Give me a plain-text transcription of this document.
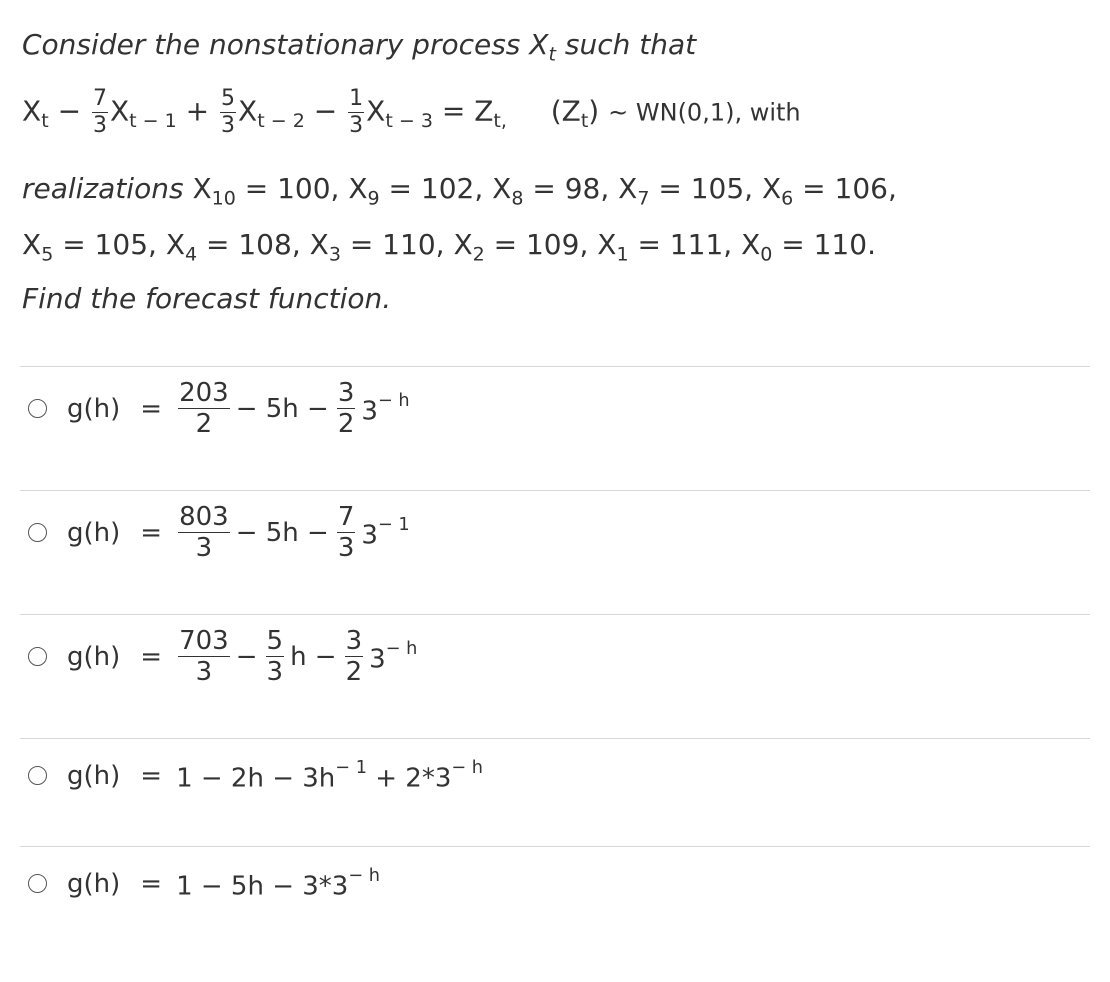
Consider the nonstationary process $X_t$ such that
$X_t - \frac{7}{3} X_{t - 1} + \frac{5}{3} X_{t - 2} - \frac{1}{3} X_{t - 3} = Z_{t,}$ $(Z_t)$ ~ WN(0,1), with
realizations $X_{10} = 100$, $X_9 = 102$, $X_8 = 98$, $X_7 = 105$, $X_6 = 106$,
$X_5 = 105$, $X_4 = 108$, $X_3 = 110$, $X_2 = 109$, $X_1 = 111$, $X_0 = 110$.
Find the forecast function.
$g(h) = \frac{203}{2} - 5h - \frac{3}{2} 3^{- h}$
$g(h) = \frac{803}{3} - 5h - \frac{7}{3} 3^{- 1}$
$g(h) = \frac{703}{3} - \frac{5}{3}$ $h - \frac{3}{2} 3^{- h}$
$g(h) = 1 - 2h - 3h^{- 1} + 2*3^{- h}$
$g(h) = 1 - 5h - 3*3^{- h}$
